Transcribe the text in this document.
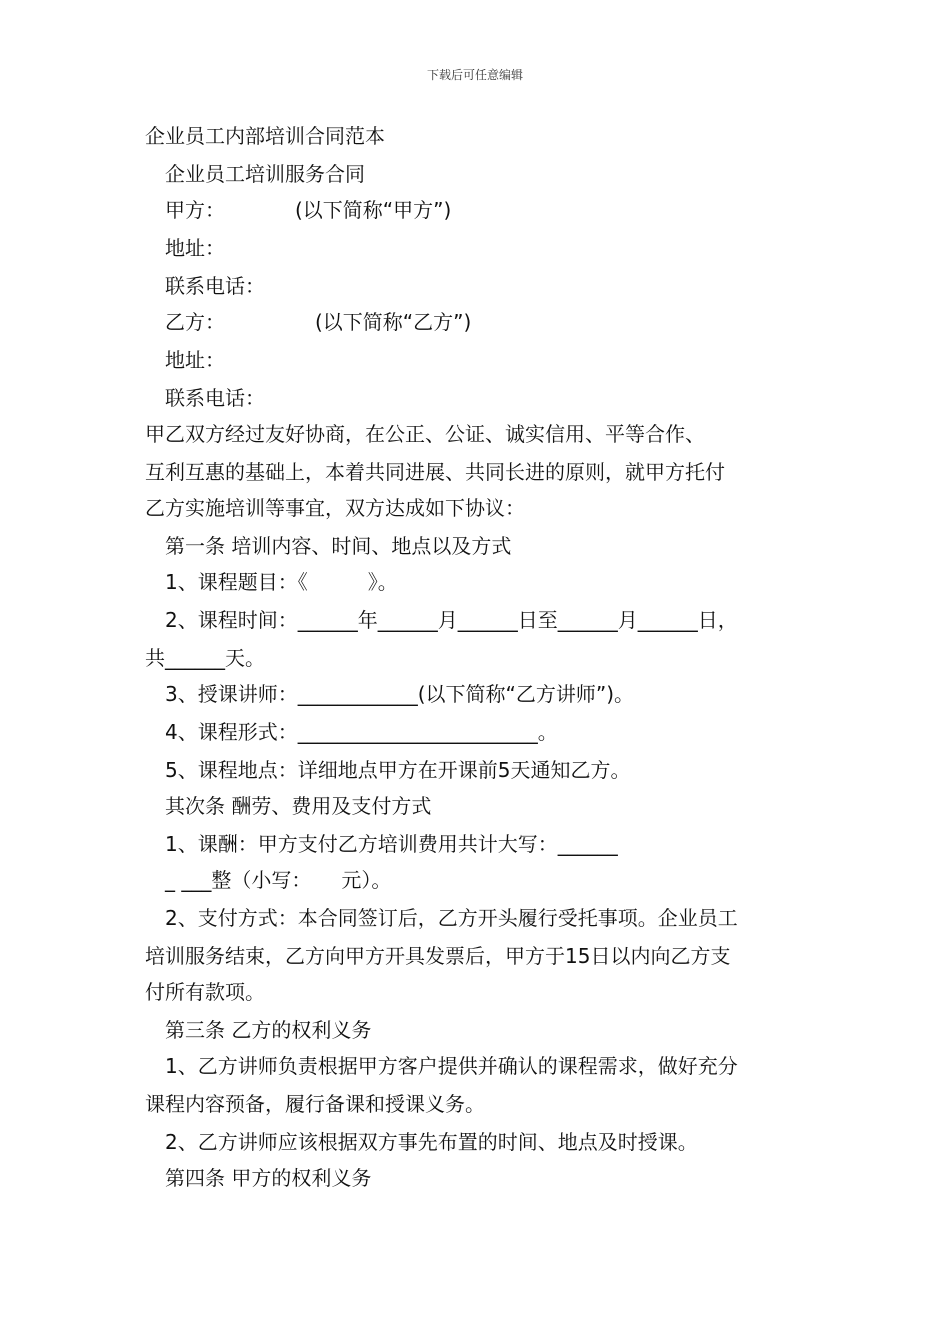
下载后可任意编辑
企业员工内部培训合同范本
企业员工培训服务合同
甲方：　　　　(以下简称“甲方”)
地址：
联系电话：
乙方：　　　　　(以下简称“乙方”)
地址：
联系电话：
甲乙双方经过友好协商，在公正、公证、诚实信用、平等合作、
互利互惠的基础上，本着共同进展、共同长进的原则，就甲方托付
乙方实施培训等事宜，双方达成如下协议：
第一条 培训内容、时间、地点以及方式
1、课程题目：《　　　》。
2、课程时间：______年______月______日至______月______日，
共______天。
3、授课讲师：____________(以下简称“乙方讲师”)。
4、课程形式：________________________。
5、课程地点：详细地点甲方在开课前5天通知乙方。
其次条 酬劳、费用及支付方式
1、课酬：甲方支付乙方培训费用共计大写：______
_ ___整（小写：　　元）。
2、支付方式：本合同签订后，乙方开头履行受托事项。企业员工
培训服务结束，乙方向甲方开具发票后，甲方于15日以内向乙方支
付所有款项。
第三条 乙方的权利义务
1、乙方讲师负责根据甲方客户提供并确认的课程需求，做好充分
课程内容预备，履行备课和授课义务。
2、乙方讲师应该根据双方事先布置的时间、地点及时授课。
第四条 甲方的权利义务
